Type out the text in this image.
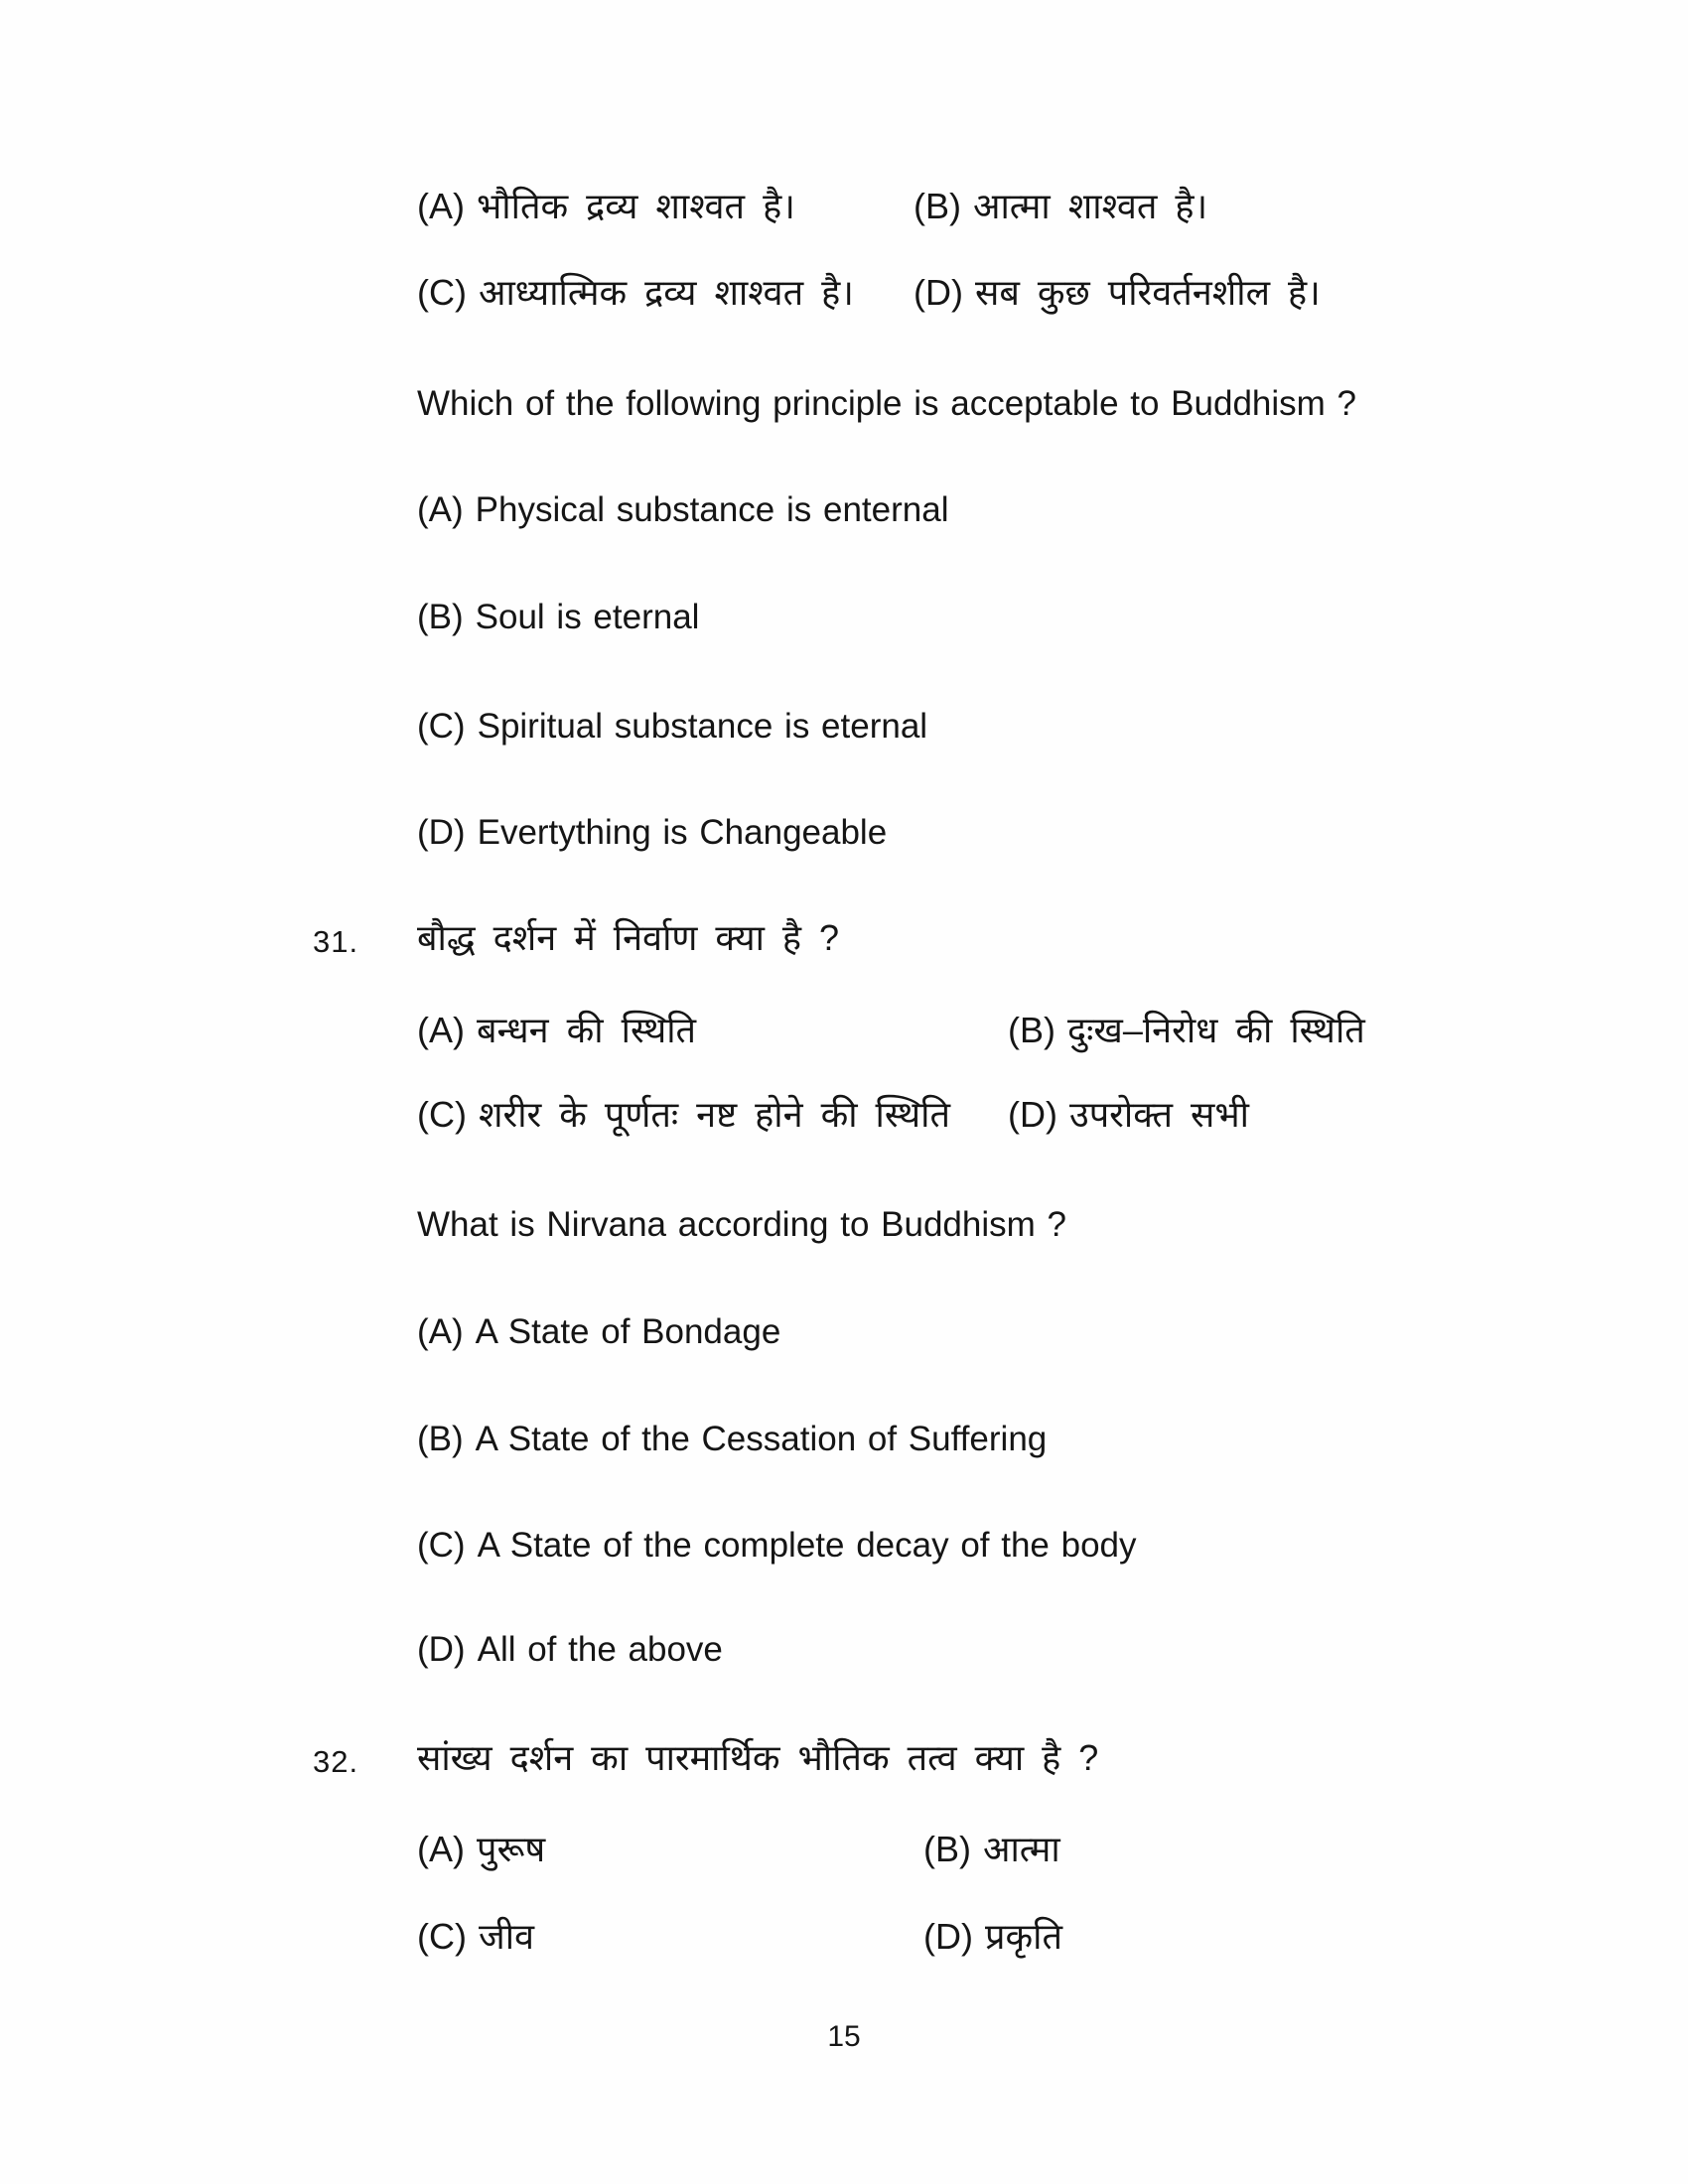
(A) भौतिक द्रव्य शाश्वत है।	(B) आत्मा शाश्वत है।
(C) आध्यात्मिक द्रव्य शाश्वत है। (D) सब कुछ परिवर्तनशील है।
Which of the following principle is acceptable to Buddhism ?
(A) Physical substance is enternal
(B) Soul is eternal
(C) Spiritual substance is eternal
(D) Evertything is Changeable
31. बौद्ध दर्शन में निर्वाण क्या है ?
(A) बन्धन की स्थिति	(B) दुःख–निरोध की स्थिति
(C) शरीर के पूर्णतः नष्ट होने की स्थिति (D) उपरोक्त सभी
What is Nirvana according to Buddhism ?
(A) A State of Bondage
(B) A State of the Cessation of Suffering
(C) A State of the complete decay of the body
(D) All of the above
32. सांख्य दर्शन का पारमार्थिक भौतिक तत्व क्या है ?
(A) पुरूष	(B) आत्मा
(C) जीव	(D) प्रकृति
15
